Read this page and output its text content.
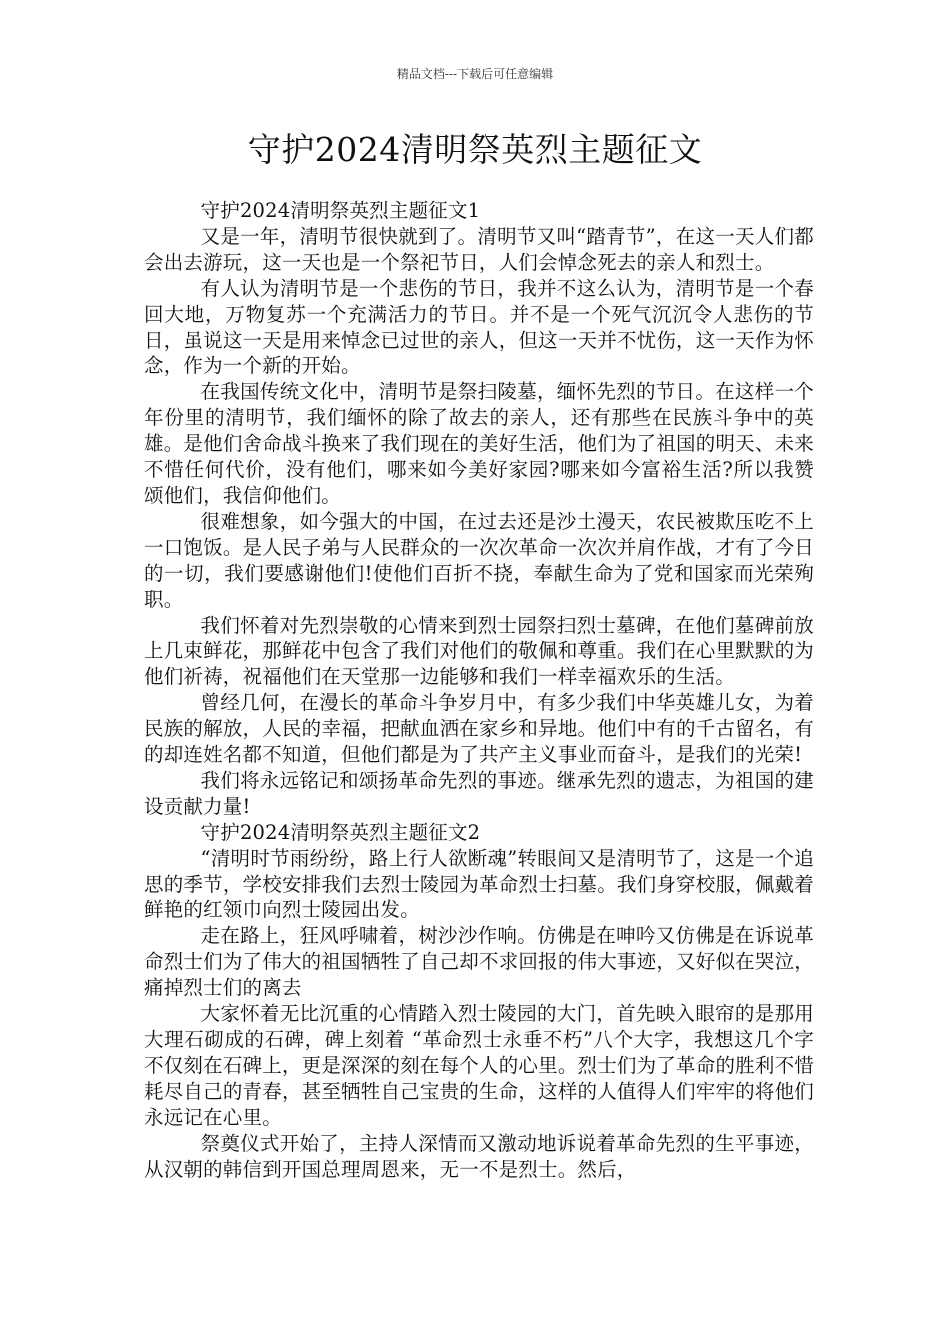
精品文档---下载后可任意编辑
守护2024清明祭英烈主题征文

守护2024清明祭英烈主题征文1

又是一年，清明节很快就到了。清明节又叫“踏青节”，在这一天人们都会出去游玩，这一天也是一个祭祀节日，人们会悼念死去的亲人和烈士。

有人认为清明节是一个悲伤的节日，我并不这么认为，清明节是一个春回大地，万物复苏一个充满活力的节日。并不是一个死气沉沉令人悲伤的节日，虽说这一天是用来悼念已过世的亲人，但这一天并不忧伤，这一天作为怀念，作为一个新的开始。

在我国传统文化中，清明节是祭扫陵墓，缅怀先烈的节日。在这样一个年份里的清明节，我们缅怀的除了故去的亲人，还有那些在民族斗争中的英雄。是他们舍命战斗换来了我们现在的美好生活，他们为了祖国的明天、未来不惜任何代价，没有他们，哪来如今美好家园?哪来如今富裕生活?所以我赞颂他们，我信仰他们。

很难想象，如今强大的中国，在过去还是沙土漫天，农民被欺压吃不上一口饱饭。是人民子弟与人民群众的一次次革命一次次并肩作战，才有了今日的一切，我们要感谢他们!使他们百折不挠，奉献生命为了党和国家而光荣殉职。

我们怀着对先烈崇敬的心情来到烈士园祭扫烈士墓碑，在他们墓碑前放上几束鲜花，那鲜花中包含了我们对他们的敬佩和尊重。我们在心里默默的为他们祈祷，祝福他们在天堂那一边能够和我们一样幸福欢乐的生活。

曾经几何，在漫长的革命斗争岁月中，有多少我们中华英雄儿女，为着民族的解放，人民的幸福，把献血洒在家乡和异地。他们中有的千古留名，有的却连姓名都不知道，但他们都是为了共产主义事业而奋斗，是我们的光荣!

我们将永远铭记和颂扬革命先烈的事迹。继承先烈的遗志，为祖国的建设贡献力量!

守护2024清明祭英烈主题征文2

“清明时节雨纷纷，路上行人欲断魂”转眼间又是清明节了，这是一个追思的季节，学校安排我们去烈士陵园为革命烈士扫墓。我们身穿校服，佩戴着鲜艳的红领巾向烈士陵园出发。

走在路上，狂风呼啸着，树沙沙作响。仿佛是在呻吟又仿佛是在诉说革命烈士们为了伟大的祖国牺牲了自己却不求回报的伟大事迹，又好似在哭泣，痛掉烈士们的离去

大家怀着无比沉重的心情踏入烈士陵园的大门，首先映入眼帘的是那用大理石砌成的石碑，碑上刻着 “革命烈士永垂不朽”八个大字，我想这几个字不仅刻在石碑上，更是深深的刻在每个人的心里。烈士们为了革命的胜利不惜耗尽自己的青春，甚至牺牲自己宝贵的生命，这样的人值得人们牢牢的将他们永远记在心里。

祭奠仪式开始了，主持人深情而又激动地诉说着革命先烈的生平事迹，从汉朝的韩信到开国总理周恩来，无一不是烈士。然后，
